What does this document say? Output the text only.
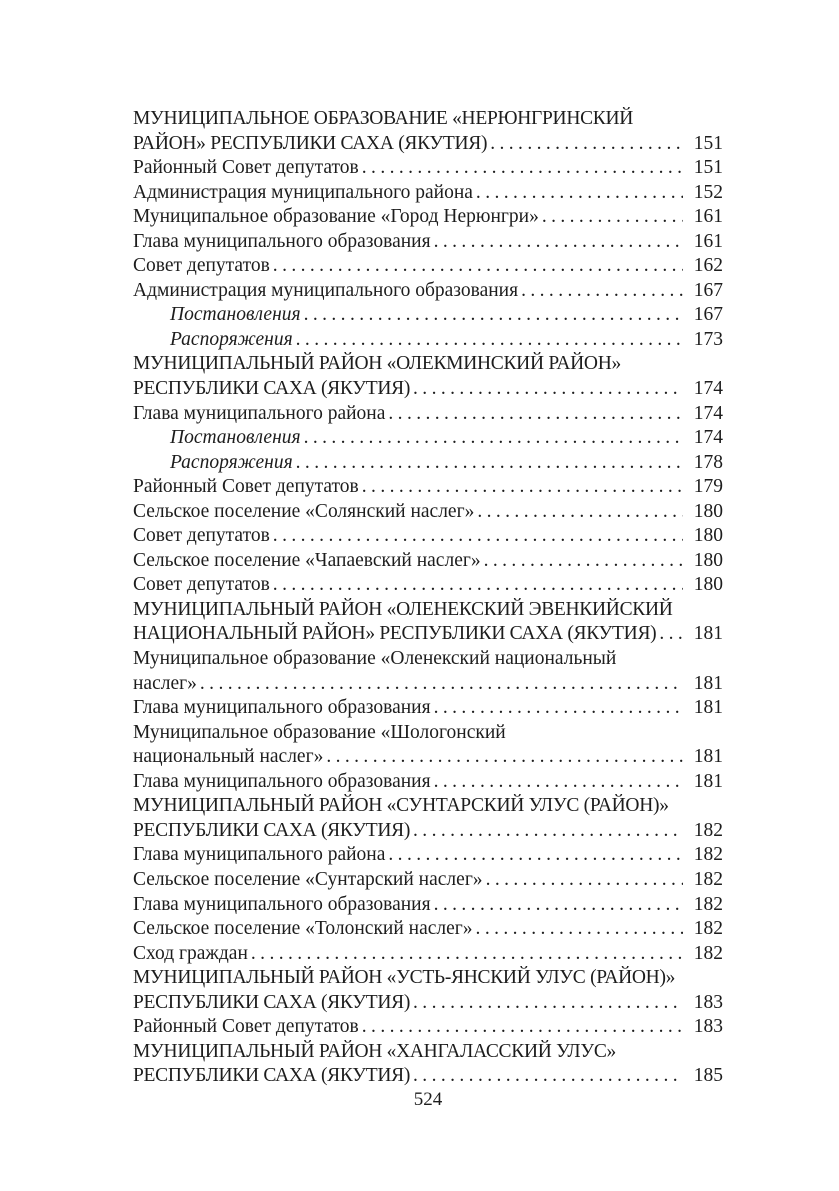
МУНИЦИПАЛЬНОЕ ОБРАЗОВАНИЕ «НЕРЮНГРИНСКИЙ
РАЙОН» РЕСПУБЛИКИ САХА (ЯКУТИЯ) .....	151
Районный Совет депутатов .....	151
Администрация муниципального района .....	152
Муниципальное образование «Город Нерюнгри» .....	161
Глава муниципального образования .....	161
Совет депутатов .....	162
Администрация муниципального образования .....	167
Постановления .....	167
Распоряжения .....	173
МУНИЦИПАЛЬНЫЙ РАЙОН «ОЛЕКМИНСКИЙ РАЙОН»
РЕСПУБЛИКИ САХА (ЯКУТИЯ) .....	174
Глава муниципального района .....	174
Постановления .....	174
Распоряжения .....	178
Районный Совет депутатов .....	179
Сельское поселение «Солянский наслег» .....	180
Совет депутатов .....	180
Сельское поселение «Чапаевский наслег» .....	180
Совет депутатов .....	180
МУНИЦИПАЛЬНЫЙ РАЙОН «ОЛЕНЕКСКИЙ ЭВЕНКИЙСКИЙ
НАЦИОНАЛЬНЫЙ РАЙОН» РЕСПУБЛИКИ САХА (ЯКУТИЯ) .....	181
Муниципальное образование «Оленекский национальный
наслег» .....	181
Глава муниципального образования .....	181
Муниципальное образование «Шологонский
национальный наслег» .....	181
Глава муниципального образования .....	181
МУНИЦИПАЛЬНЫЙ РАЙОН «СУНТАРСКИЙ УЛУС (РАЙОН)»
РЕСПУБЛИКИ САХА (ЯКУТИЯ) .....	182
Глава муниципального района .....	182
Сельское поселение «Сунтарский наслег» .....	182
Глава муниципального образования .....	182
Сельское поселение «Толонский наслег» .....	182
Сход граждан .....	182
МУНИЦИПАЛЬНЫЙ РАЙОН «УСТЬ-ЯНСКИЙ УЛУС (РАЙОН)»
РЕСПУБЛИКИ САХА (ЯКУТИЯ) .....	183
Районный Совет депутатов .....	183
МУНИЦИПАЛЬНЫЙ РАЙОН «ХАНГАЛАССКИЙ УЛУС»
РЕСПУБЛИКИ САХА (ЯКУТИЯ) .....	185
524
